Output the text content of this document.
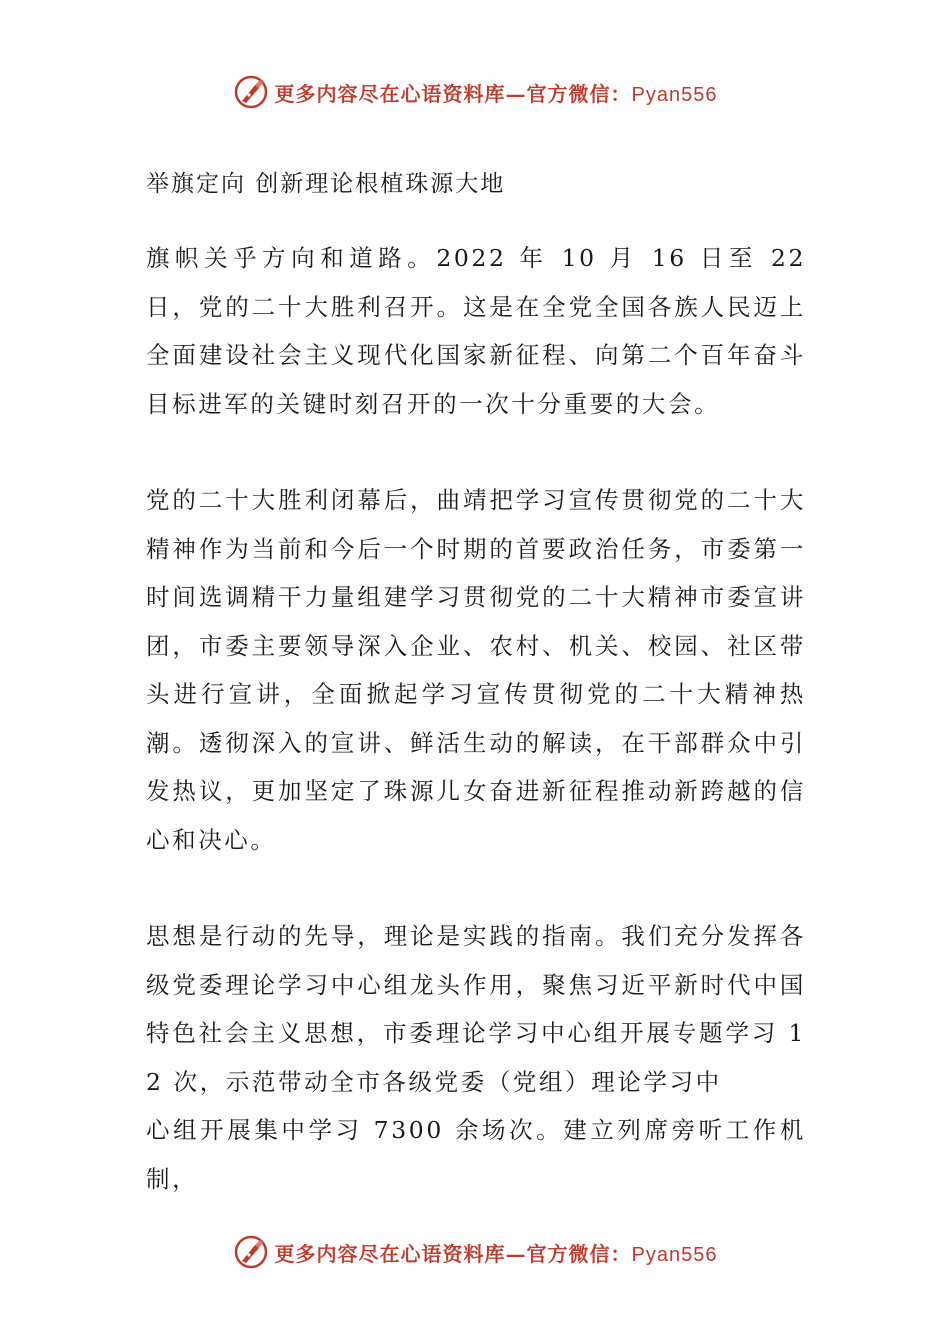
更多内容尽在心语资料库—官方微信：Pyan556
举旗定向 创新理论根植珠源大地

旗帜关乎方向和道路。2022 年 10 月 16 日至 22 日，党的二十大胜利召开。这是在全党全国各族人民迈上全面建设社会主义现代化国家新征程、向第二个百年奋斗目标进军的关键时刻召开的一次十分重要的大会。

党的二十大胜利闭幕后，曲靖把学习宣传贯彻党的二十大精神作为当前和今后一个时期的首要政治任务，市委第一时间选调精干力量组建学习贯彻党的二十大精神市委宣讲团，市委主要领导深入企业、农村、机关、校园、社区带头进行宣讲，全面掀起学习宣传贯彻党的二十大精神热潮。透彻深入的宣讲、鲜活生动的解读，在干部群众中引发热议，更加坚定了珠源儿女奋进新征程推动新跨越的信心和决心。

思想是行动的先导，理论是实践的指南。我们充分发挥各级党委理论学习中心组龙头作用，聚焦习近平新时代中国特色社会主义思想，市委理论学习中心组开展专题学习 12 次，示范带动全市各级党委（党组）理论学习中

心组开展集中学习 7300 余场次。建立列席旁听工作机制，

更多内容尽在心语资料库—官方微信：Pyan556
